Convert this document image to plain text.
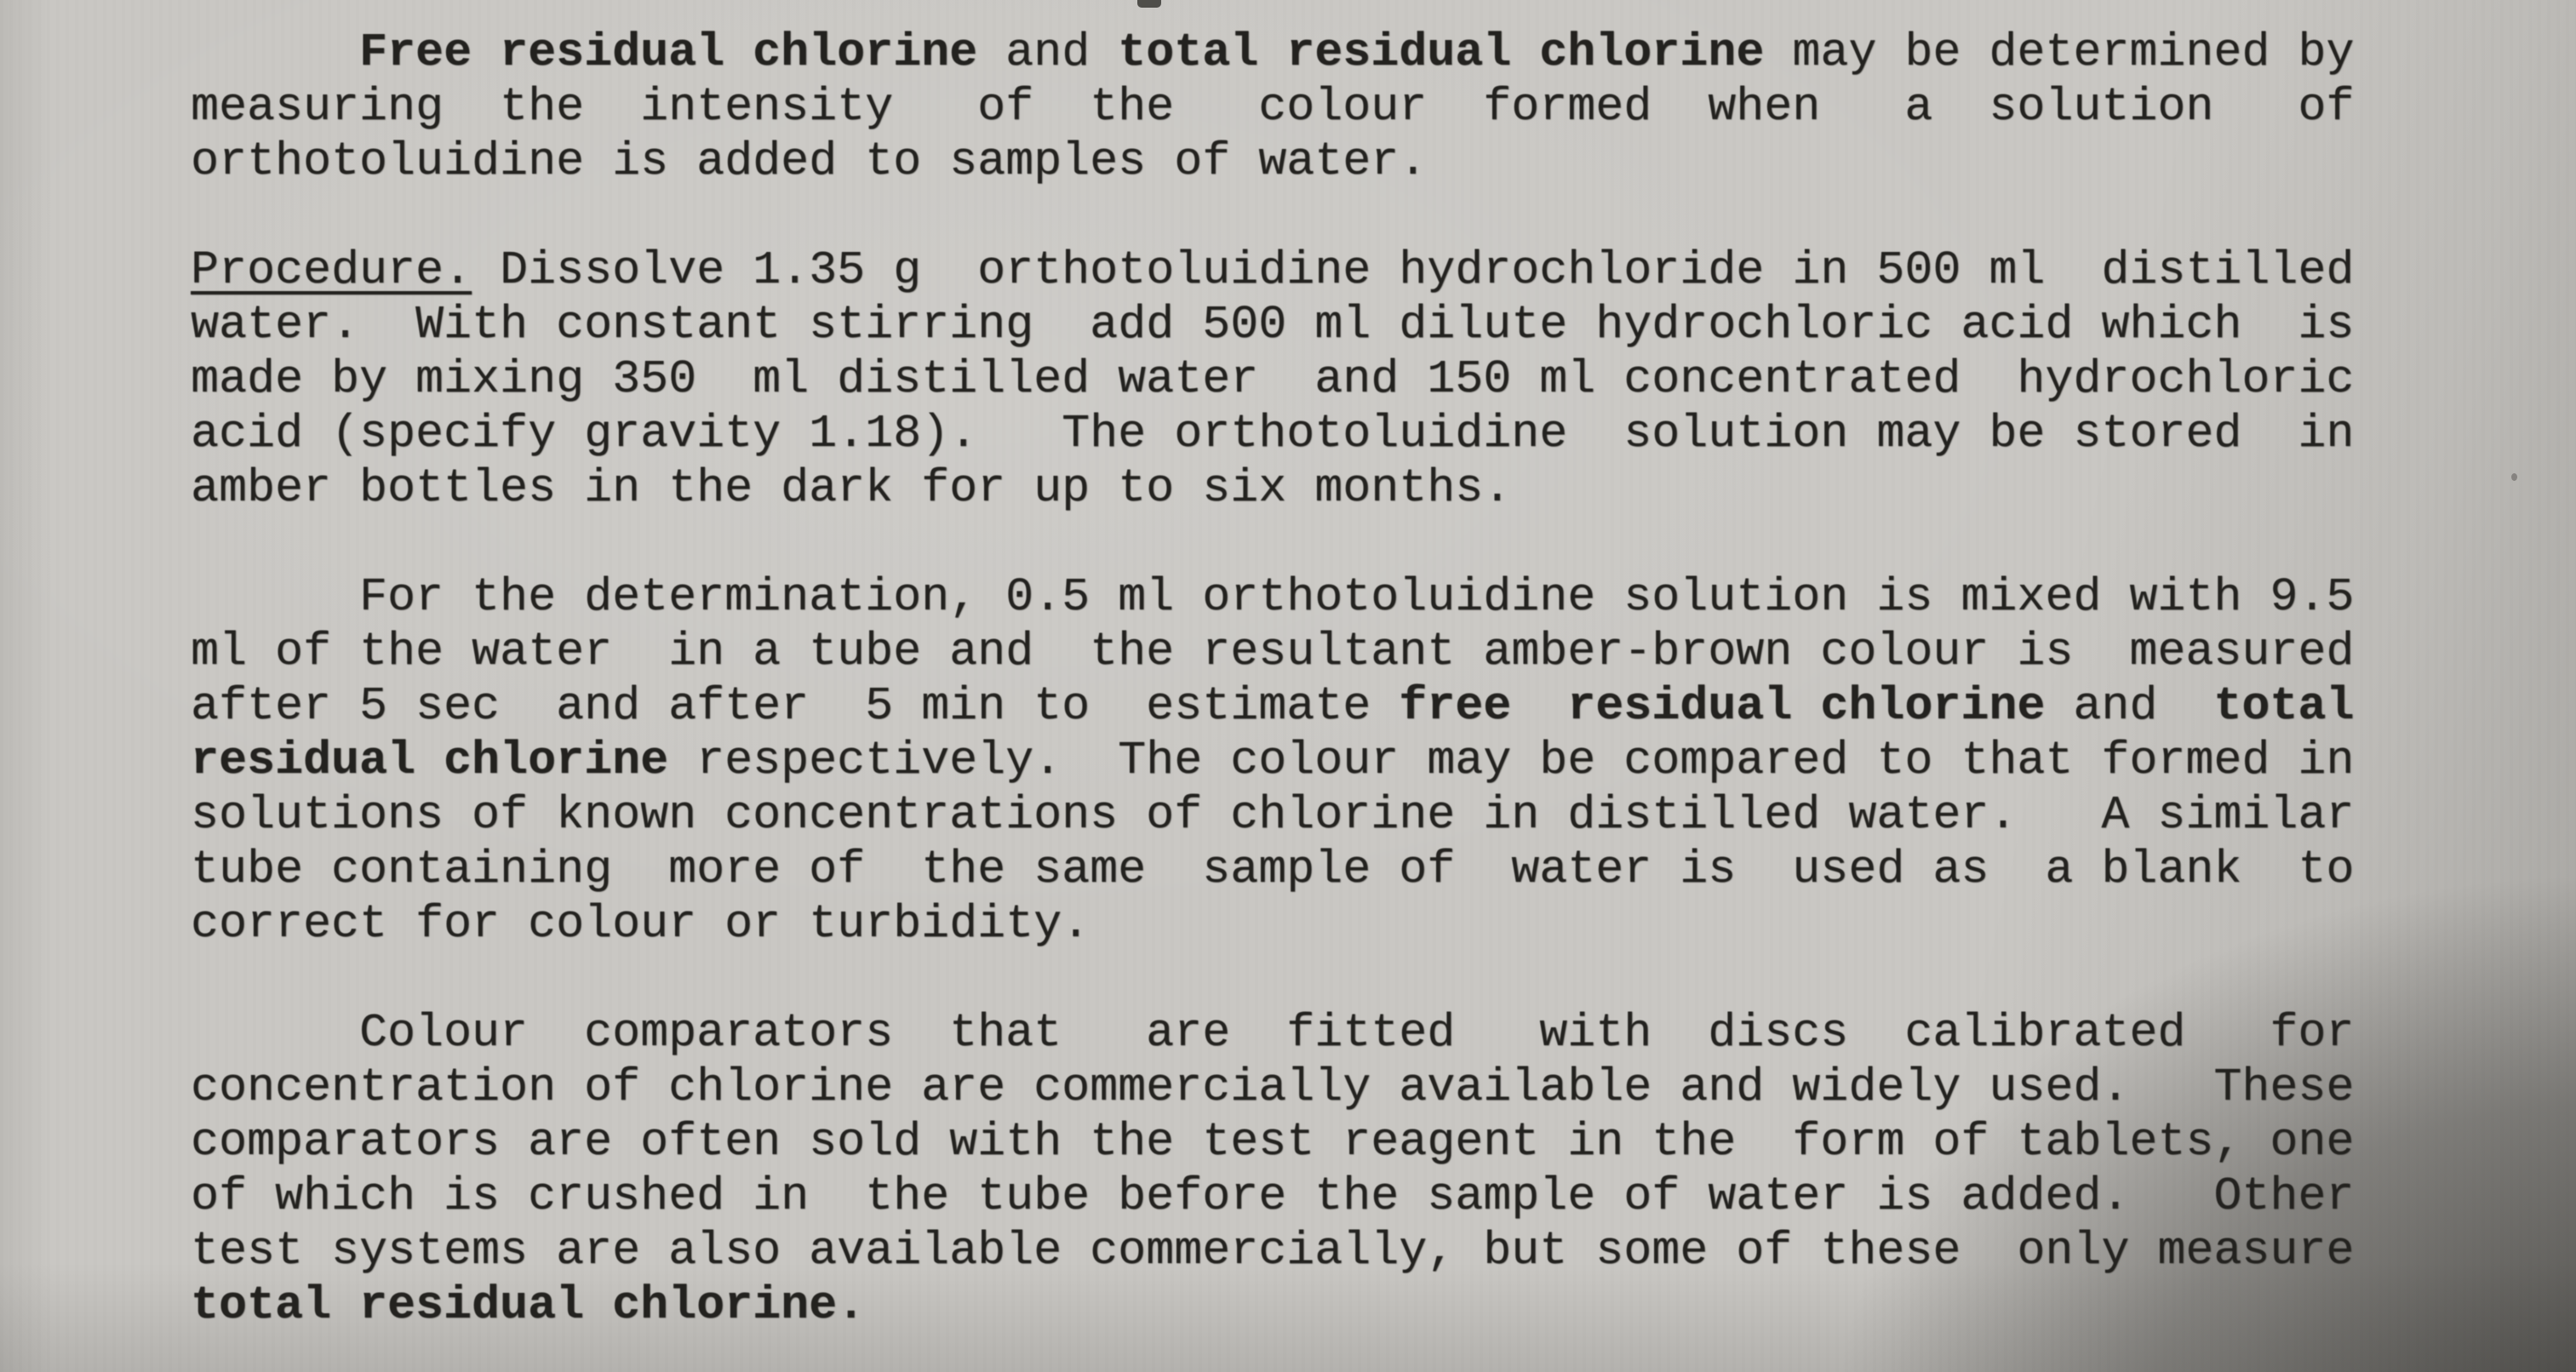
Free residual chlorine and total residual chlorine may be determined by
measuring  the  intensity   of  the   colour  formed  when   a  solution   of
orthotoluidine is added to samples of water.
Procedure. Dissolve 1.35 g  orthotoluidine hydrochloride in 500 ml  distilled
water.  With constant stirring  add 500 ml dilute hydrochloric acid which  is
made by mixing 350  ml distilled water  and 150 ml concentrated  hydrochloric
acid (specify gravity 1.18).   The orthotoluidine  solution may be stored  in
amber bottles in the dark for up to six months.
For the determination, 0.5 ml orthotoluidine solution is mixed with 9.5
ml of the water  in a tube and  the resultant amber-brown colour is  measured
after 5 sec  and after  5 min to  estimate free  residual chlorine and  total
residual chlorine respectively.  The colour may be compared to that formed in
solutions of known concentrations of chlorine in distilled water.   A similar
tube containing  more of  the same  sample of  water is  used as  a blank  to
correct for colour or turbidity.
Colour  comparators  that   are  fitted   with  discs  calibrated   for
concentration of chlorine are commercially available and widely used.   These
comparators are often sold with the test reagent in the  form of tablets, one
of which is crushed in  the tube before the sample of water is added.   Other
test systems are also available commercially, but some of these  only measure
total residual chlorine.
